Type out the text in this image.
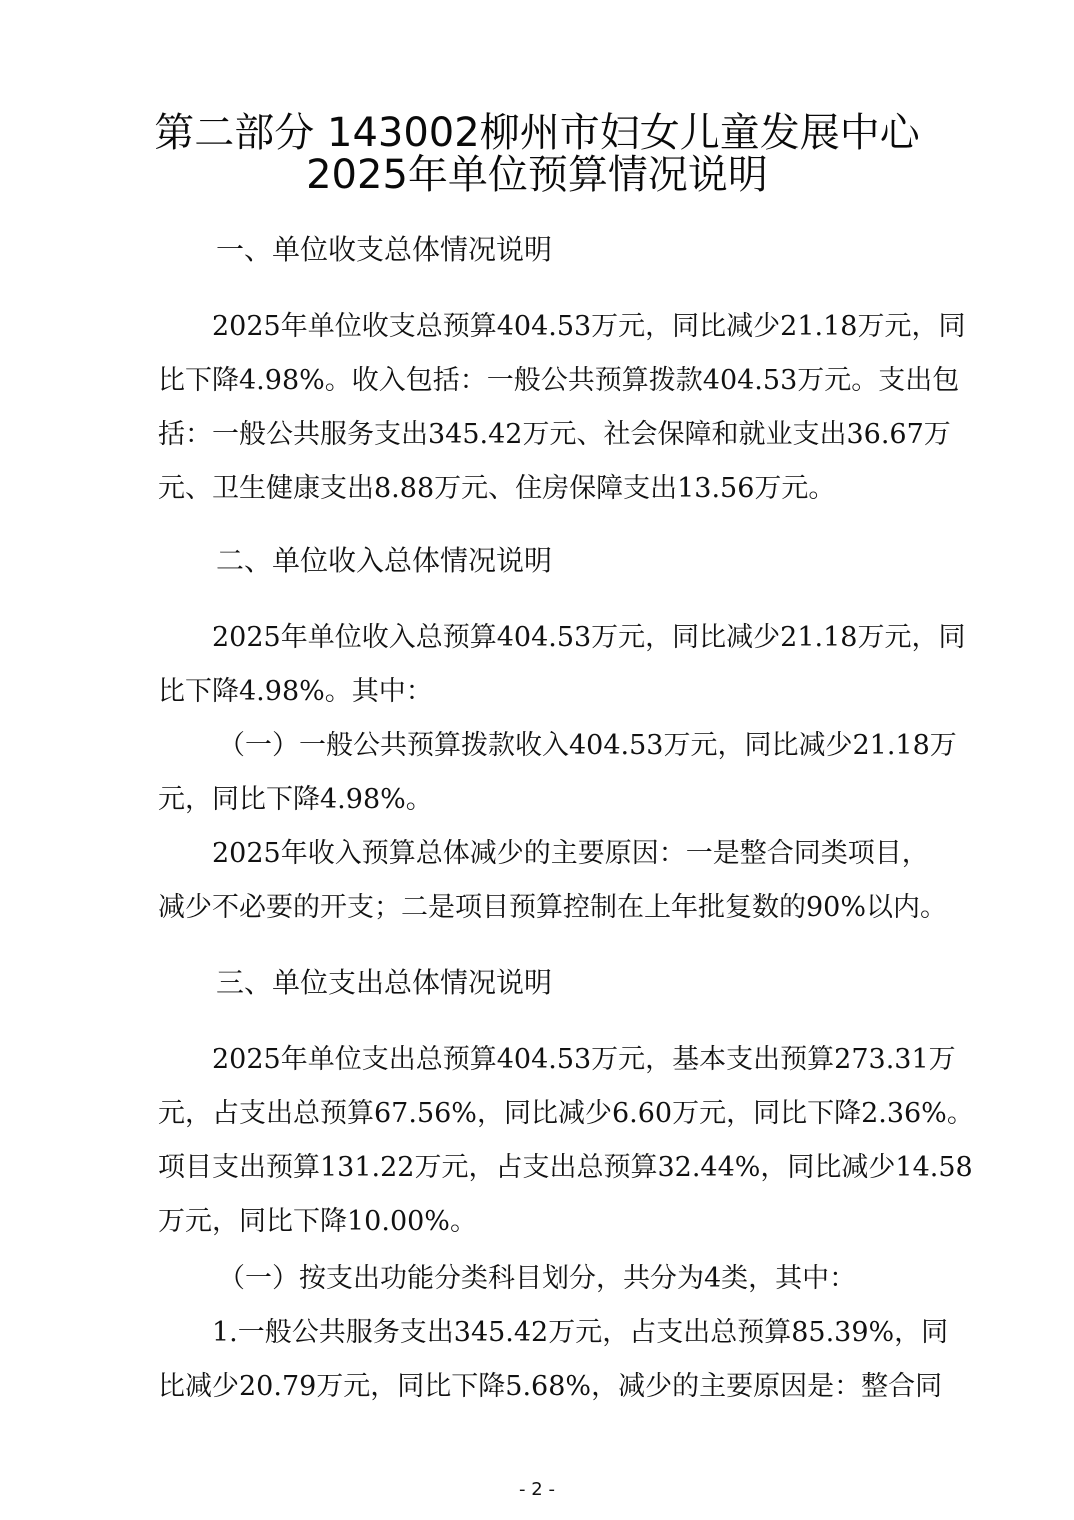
第二部分 143002柳州市妇女儿童发展中心
2025年单位预算情况说明
一、单位收支总体情况说明
2025年单位收支总预算404.53万元，同比减少21.18万元，同
比下降4.98%。收入包括：一般公共预算拨款404.53万元。支出包
括：一般公共服务支出345.42万元、社会保障和就业支出36.67万
元、卫生健康支出8.88万元、住房保障支出13.56万元。
二、单位收入总体情况说明
2025年单位收入总预算404.53万元，同比减少21.18万元，同
比下降4.98%。其中：
（一）一般公共预算拨款收入404.53万元，同比减少21.18万
元，同比下降4.98%。
2025年收入预算总体减少的主要原因：一是整合同类项目，
减少不必要的开支；二是项目预算控制在上年批复数的90%以内。
三、单位支出总体情况说明
2025年单位支出总预算404.53万元，基本支出预算273.31万
元，占支出总预算67.56%，同比减少6.60万元，同比下降2.36%。
项目支出预算131.22万元，占支出总预算32.44%，同比减少14.58
万元，同比下降10.00%。
（一）按支出功能分类科目划分，共分为4类，其中：
1.一般公共服务支出345.42万元，占支出总预算85.39%，同
比减少20.79万元，同比下降5.68%，减少的主要原因是：整合同
- 2 -
